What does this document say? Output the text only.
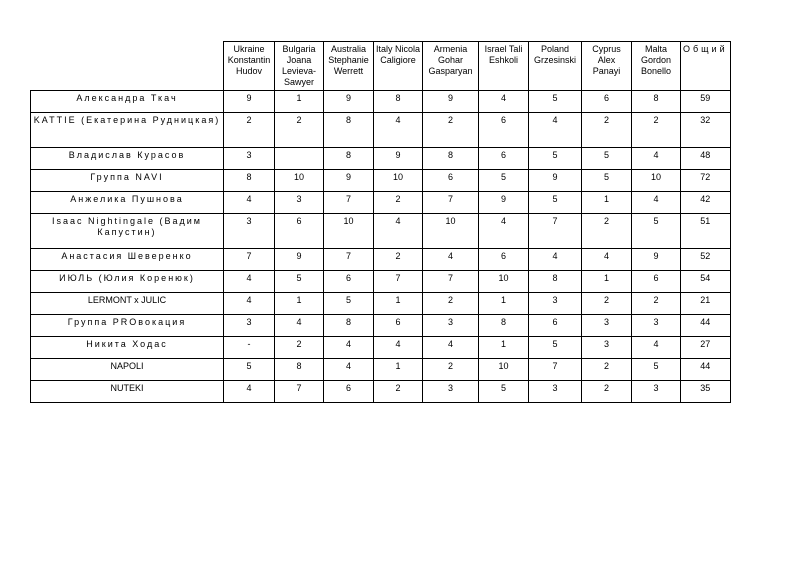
	Ukraine Konstantin Hudov	Bulgaria Joana Levieva-Sawyer	Australia Stephanie Werrett	Italy Nicola Caligiore	Armenia Gohar Gasparyan	Israel Tali Eshkoli	Poland Grzesinski	Cyprus Alex Panayi	Malta Gordon Bonello	Общий
Александра Ткач	9	1	9	8	9	4	5	6	8	59
KATTIE (Екатерина Рудницкая)	2	2	8	4	2	6	4	2	2	32
Владислав Курасов	3		8	9	8	6	5	5	4	48
Группа NAVI	8	10	9	10	6	5	9	5	10	72
Анжелика Пушнова	4	3	7	2	7	9	5	1	4	42
Isaac Nightingale (Вадим Капустин)	3	6	10	4	10	4	7	2	5	51
Анастасия Шеверенко	7	9	7	2	4	6	4	4	9	52
ИЮЛЬ (Юлия Коренюк)	4	5	6	7	7	10	8	1	6	54
LERMONT x JULIC	4	1	5	1	2	1	3	2	2	21
Группа PROвокация	3	4	8	6	3	8	6	3	3	44
Никита Ходас	-	2	4	4	4	1	5	3	4	27
NAPOLI	5	8	4	1	2	10	7	2	5	44
NUTEKI	4	7	6	2	3	5	3	2	3	35
